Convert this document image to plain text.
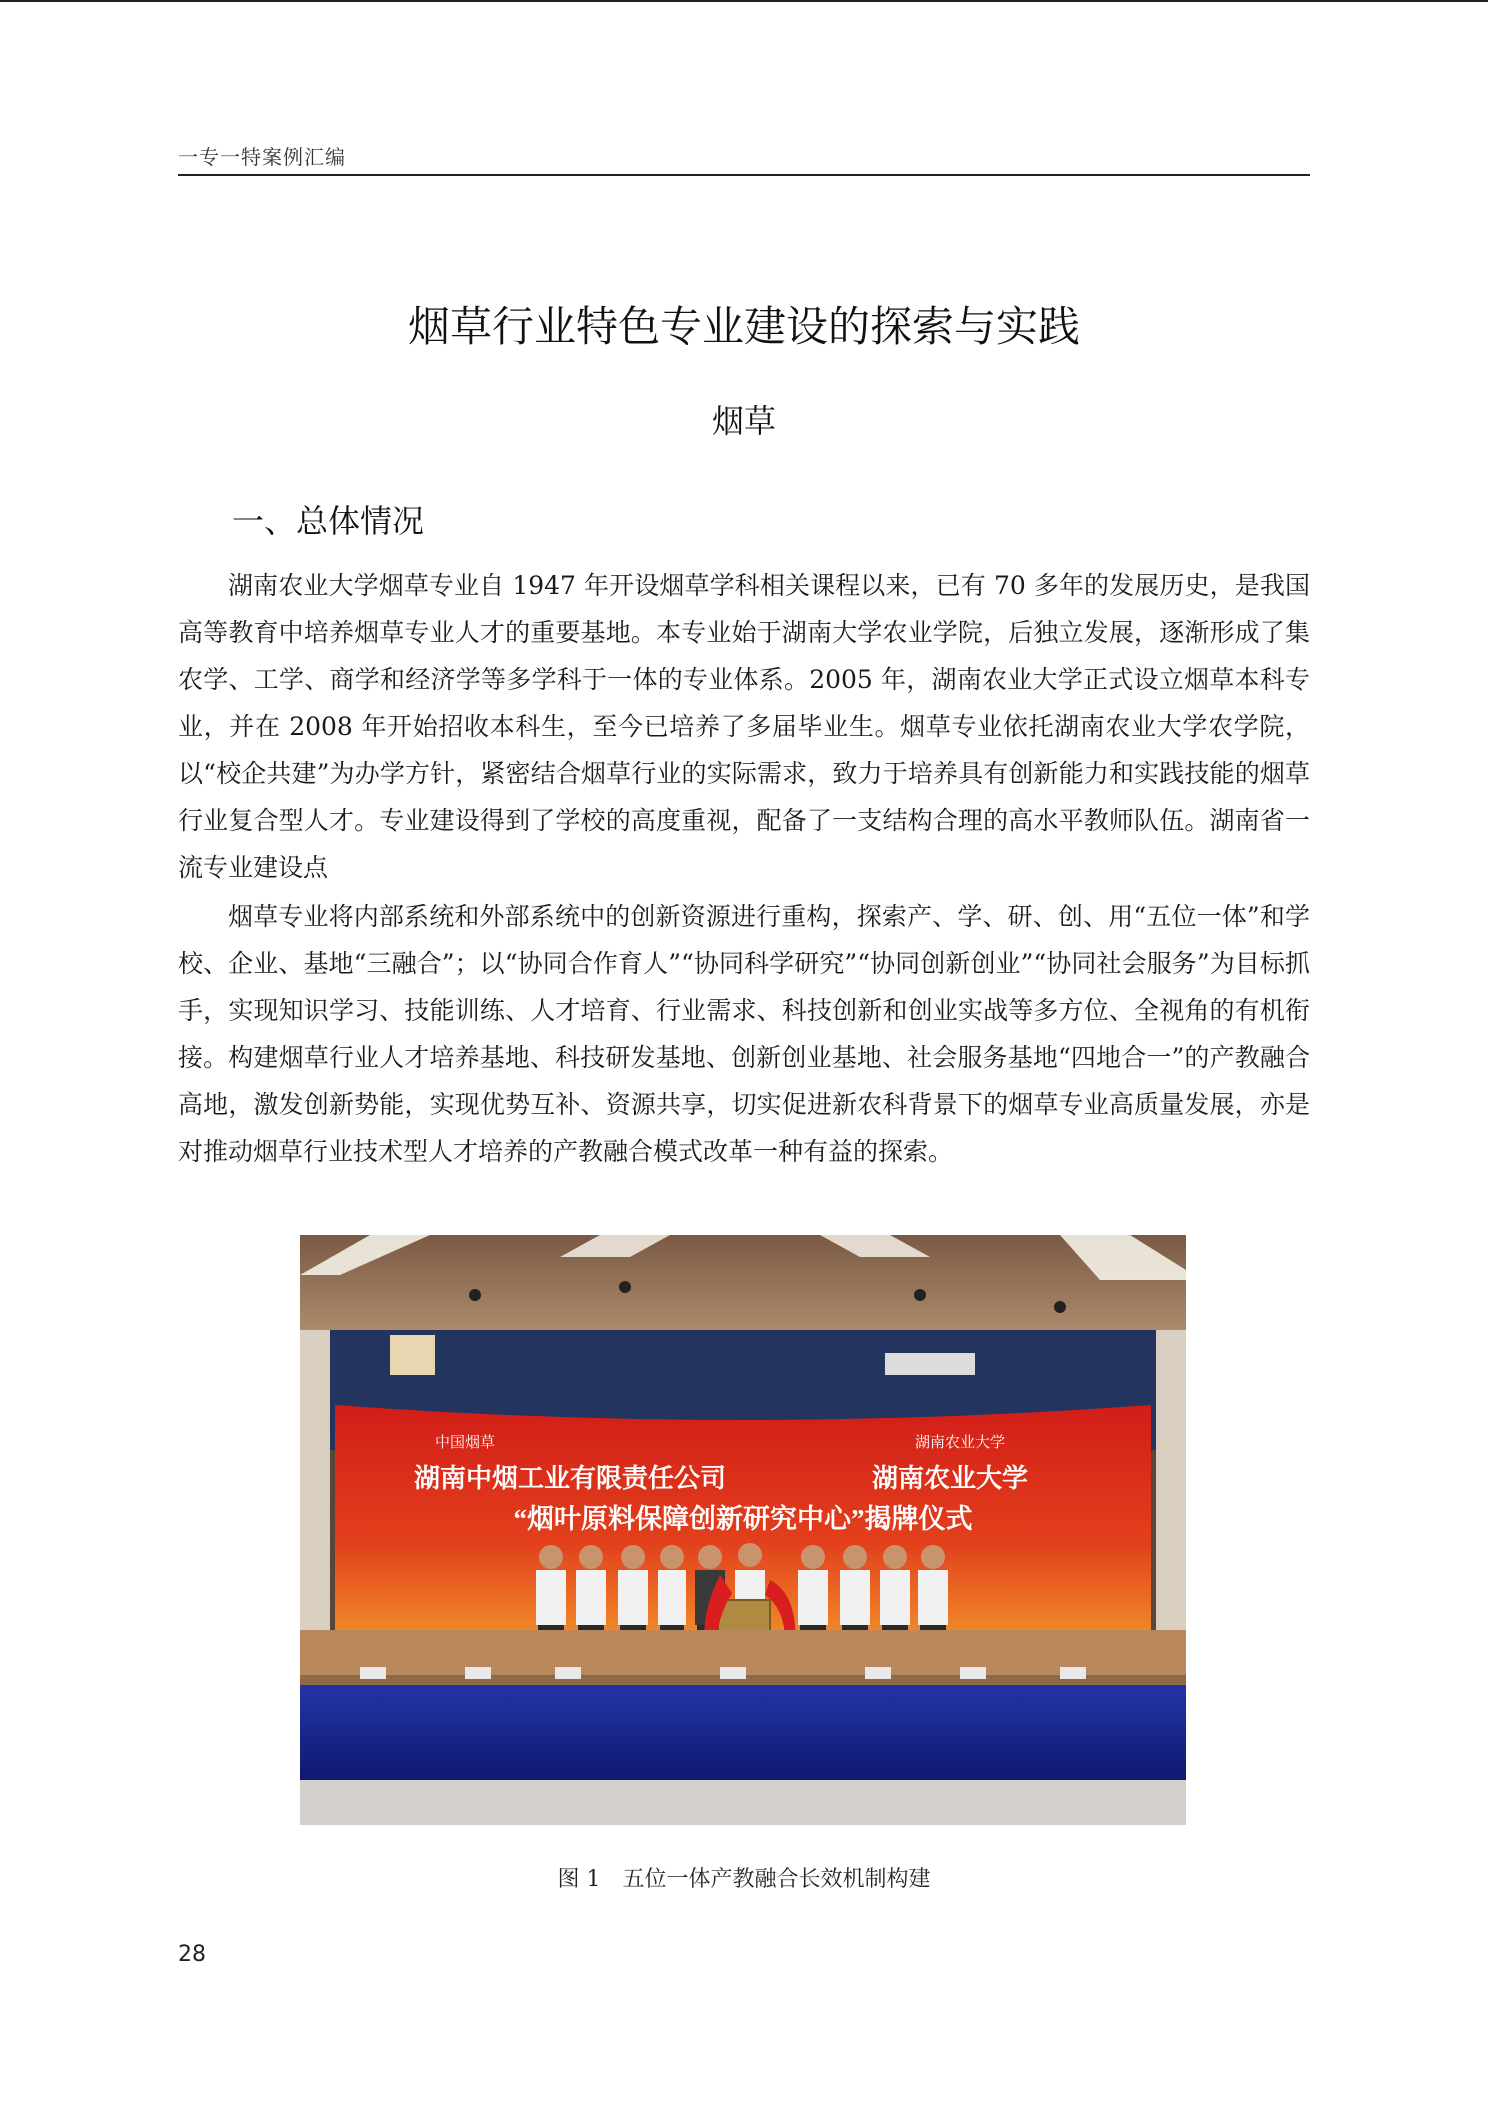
一专一特案例汇编
烟草行业特色专业建设的探索与实践
烟草
一、总体情况

湖南农业大学烟草专业自 1947 年开设烟草学科相关课程以来，已有 70 多年的发展历史，是我国高等教育中培养烟草专业人才的重要基地。本专业始于湖南大学农业学院，后独立发展，逐渐形成了集农学、工学、商学和经济学等多学科于一体的专业体系。2005 年，湖南农业大学正式设立烟草本科专业，并在 2008 年开始招收本科生，至今已培养了多届毕业生。烟草专业依托湖南农业大学农学院，以“校企共建”为办学方针，紧密结合烟草行业的实际需求，致力于培养具有创新能力和实践技能的烟草行业复合型人才。专业建设得到了学校的高度重视，配备了一支结构合理的高水平教师队伍。湖南省一流专业建设点

烟草专业将内部系统和外部系统中的创新资源进行重构，探索产、学、研、创、用“五位一体”和学校、企业、基地“三融合”；以“协同合作育人”“协同科学研究”“协同创新创业”“协同社会服务”为目标抓手，实现知识学习、技能训练、人才培育、行业需求、科技创新和创业实战等多方位、全视角的有机衔接。构建烟草行业人才培养基地、科技研发基地、创新创业基地、社会服务基地“四地合一”的产教融合高地，激发创新势能，实现优势互补、资源共享，切实促进新农科背景下的烟草专业高质量发展，亦是对推动烟草行业技术型人才培养的产教融合模式改革一种有益的探索。

中国烟草	湖南农业大学
湖南中烟工业有限责任公司	湖南农业大学
“烟叶原料保障创新研究中心”揭牌仪式
图 1　五位一体产教融合长效机制构建
28
